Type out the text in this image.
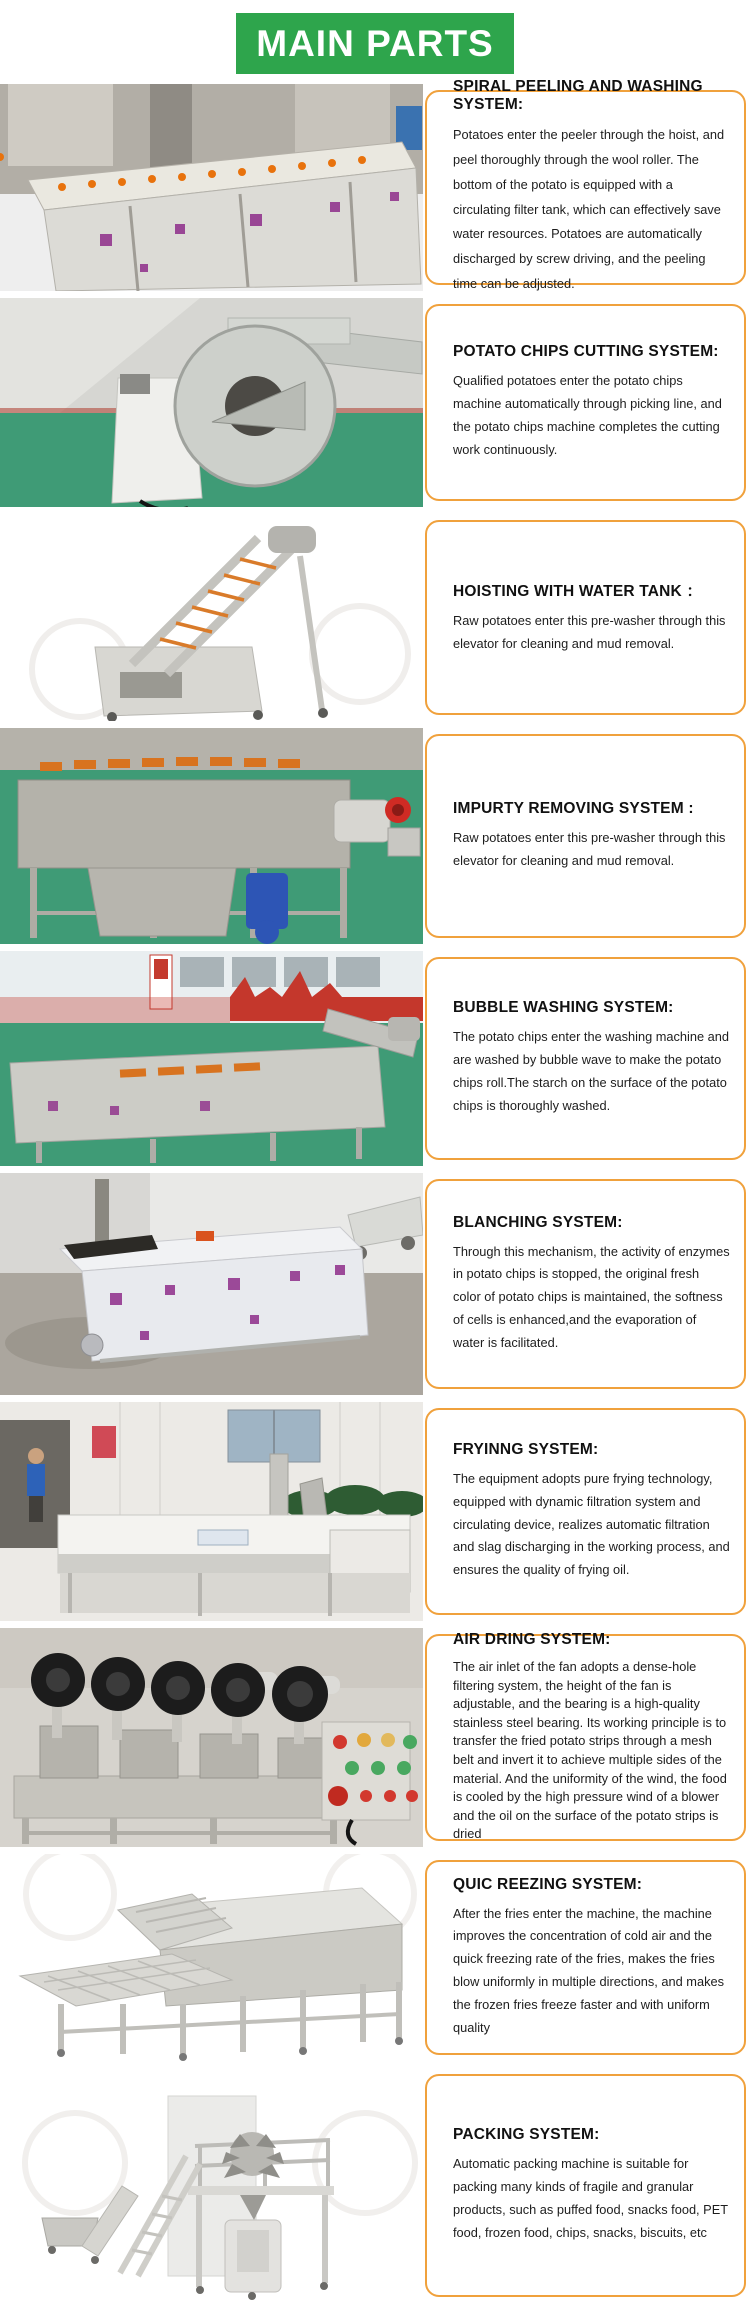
MAIN PARTS
SPIRAL PEELING AND WASHING SYSTEM:

Potatoes enter the peeler through the hoist, and peel thoroughly through the wool roller. The bottom of the potato is equipped with a circulating filter tank, which can effectively save water resources. Potatoes are automatically discharged by screw driving, and the peeling time can be adjusted.

POTATO CHIPS CUTTING SYSTEM:

Qualified potatoes enter the potato chips machine automatically through picking line, and the potato chips machine completes the cutting work continuously.

HOISTING WITH WATER TANK ：

Raw potatoes enter this pre-washer through this elevator for cleaning and mud removal.

IMPURTY REMOVING SYSTEM :

Raw potatoes enter this pre-washer through this elevator for cleaning and mud removal.

BUBBLE WASHING SYSTEM:

The potato chips enter the washing machine and are washed by bubble wave to make the potato chips roll.The starch on the surface of the potato chips is thoroughly washed.

BLANCHING SYSTEM:

Through this mechanism, the activity of enzymes in potato chips is stopped, the original fresh color of potato chips is maintained, the softness of cells is enhanced,and the evaporation of water is facilitated.

FRYINNG SYSTEM:

The equipment adopts pure frying technology, equipped with dynamic filtration system and circulating device, realizes automatic filtration and slag discharging in the working process, and ensures the quality of frying oil.

AIR DRING SYSTEM:

The air inlet of the fan adopts a dense-hole filtering system, the height of the fan is adjustable, and the bearing is a high-quality stainless steel bearing. Its working principle is to transfer the fried potato strips through a mesh belt and invert it to achieve multiple sides of the material. And the uniformity of the wind, the food is cooled by the high pressure wind of a blower and the oil on the surface of the potato strips is dried

QUIC REEZING SYSTEM:

After the fries enter the machine, the machine improves the concentration of cold air and the quick freezing rate of the fries, makes the fries blow uniformly in multiple directions, and makes the frozen fries freeze faster and with uniform quality

PACKING SYSTEM:

Automatic packing machine is suitable for packing many kinds of fragile and granular products, such as puffed food, snacks food, PET food, frozen food, chips, snacks, biscuits, etc
